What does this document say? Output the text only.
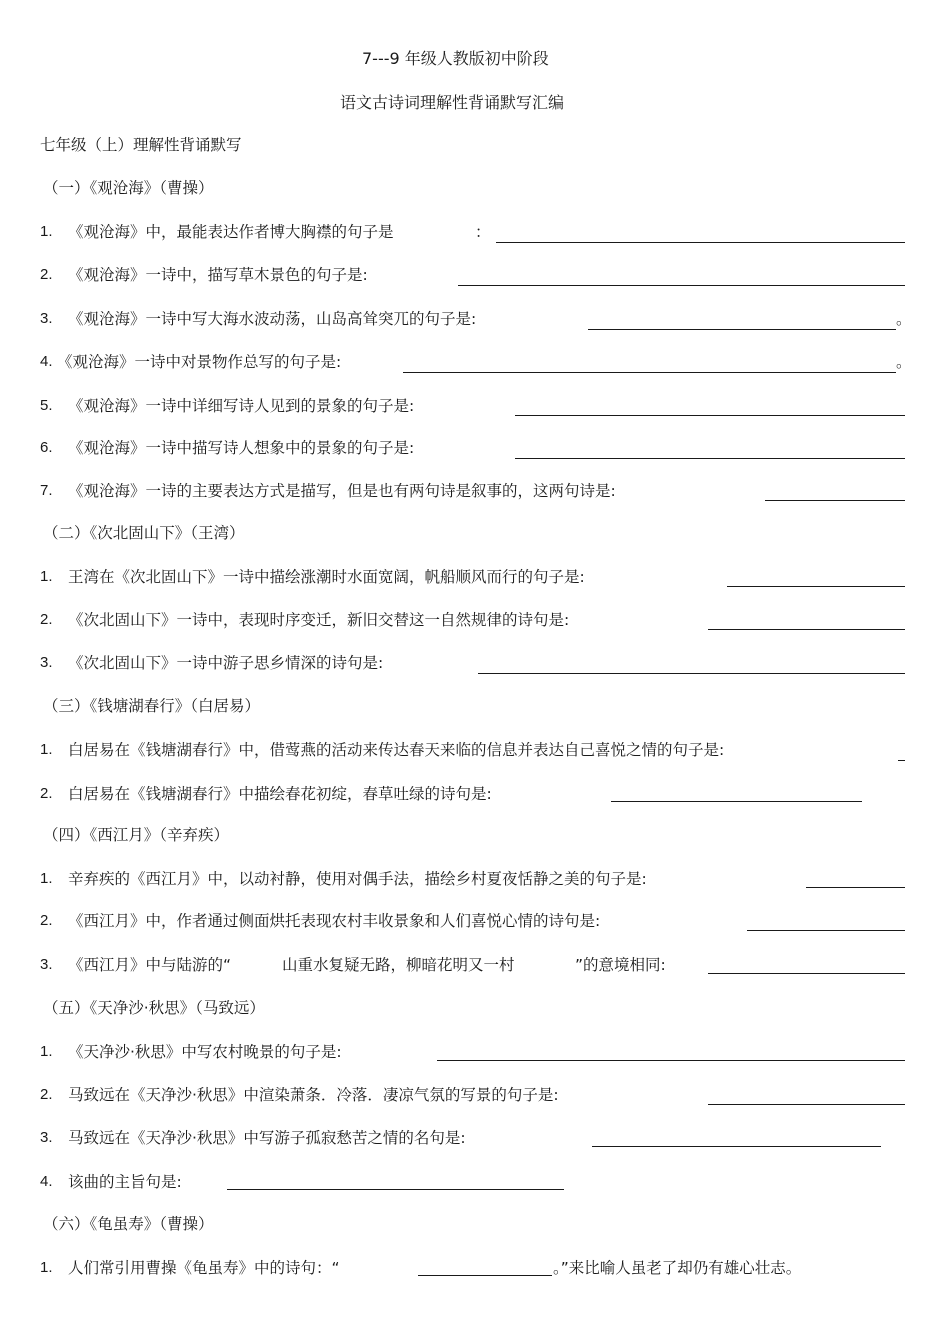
7---9 年级人教版初中阶段
语文古诗词理解性背诵默写汇编
七年级（上）理解性背诵默写
（一）《观沧海》（曹操）
1. 《观沧海》中，最能表达作者博大胸襟的句子是	：
2. 《观沧海》一诗中，描写草木景色的句子是:
3. 《观沧海》一诗中写大海水波动荡，山岛高耸突兀的句子是:	。
4. 《观沧海》一诗中对景物作总写的句子是:	。
5. 《观沧海》一诗中详细写诗人见到的景象的句子是:
6. 《观沧海》一诗中描写诗人想象中的景象的句子是:
7. 《观沧海》一诗的主要表达方式是描写，但是也有两句诗是叙事的，这两句诗是:
（二）《次北固山下》（王湾）
1. 王湾在《次北固山下》一诗中描绘涨潮时水面宽阔，帆船顺风而行的句子是:
2. 《次北固山下》一诗中，表现时序变迁，新旧交替这一自然规律的诗句是:
3. 《次北固山下》一诗中游子思乡情深的诗句是:
（三）《钱塘湖春行》（白居易）
1. 白居易在《钱塘湖春行》中，借莺燕的活动来传达春天来临的信息并表达自己喜悦之情的句子是:
2. 白居易在《钱塘湖春行》中描绘春花初绽，春草吐绿的诗句是:
（四）《西江月》（辛弃疾）
1. 辛弃疾的《西江月》中，以动衬静，使用对偶手法，描绘乡村夏夜恬静之美的句子是:
2. 《西江月》中，作者通过侧面烘托表现农村丰收景象和人们喜悦心情的诗句是:
3. 《西江月》中与陆游的“	山重水复疑无路，柳暗花明又一村	”的意境相同:
（五）《天净沙·秋思》（马致远）
1. 《天净沙·秋思》中写农村晚景的句子是:
2. 马致远在《天净沙·秋思》中渲染萧条．冷落．凄凉气氛的写景的句子是:
3. 马致远在《天净沙·秋思》中写游子孤寂愁苦之情的名句是:
4. 该曲的主旨句是:
（六）《龟虽寿》（曹操）
1. 人们常引用曹操《龟虽寿》中的诗句：“	。”来比喻人虽老了却仍有雄心壮志。
